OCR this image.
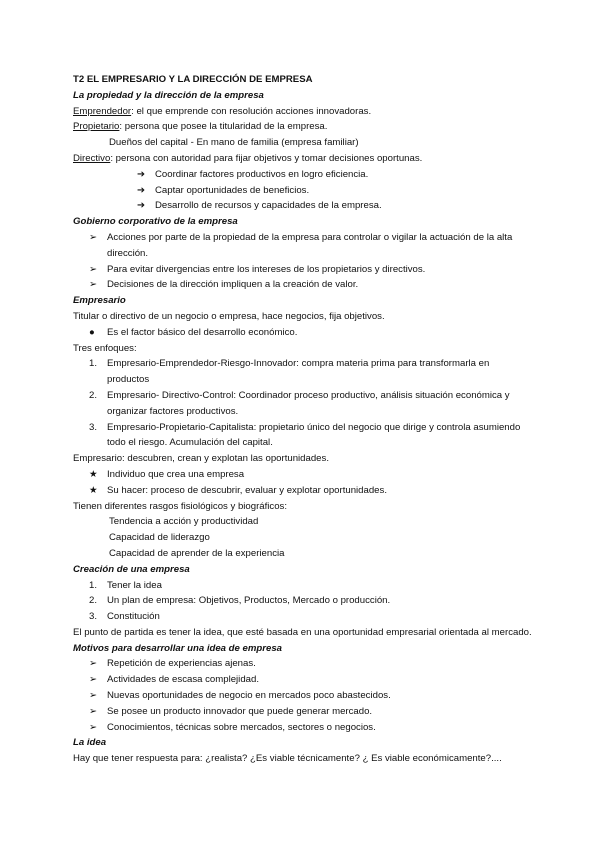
T2 EL EMPRESARIO Y LA DIRECCIÓN DE EMPRESA
La propiedad y la dirección de la empresa
Emprendedor: el que emprende con resolución acciones innovadoras.
Propietario: persona que posee la titularidad de la empresa.
Dueños del capital - En mano de familia (empresa familiar)
Directivo: persona con autoridad para fijar objetivos y tomar decisiones oportunas.
➔	Coordinar factores productivos en logro eficiencia.
➔	Captar oportunidades de beneficios.
➔	Desarrollo de recursos y capacidades de la empresa.
Gobierno corporativo de la empresa
➢	Acciones por parte de la propiedad de la empresa para controlar o vigilar la actuación de la alta dirección.
➢	Para evitar divergencias entre los intereses de los propietarios y directivos.
➢	Decisiones de la dirección impliquen a la creación de valor.
Empresario
Titular o directivo de un negocio o empresa, hace negocios, fija objetivos.
●	Es el factor básico del desarrollo económico.
Tres enfoques:
1.	Empresario-Emprendedor-Riesgo-Innovador: compra materia prima para transformarla en productos
2.	Empresario- Directivo-Control: Coordinador proceso productivo, análisis situación económica y organizar factores productivos.
3.	Empresario-Propietario-Capitalista: propietario único del negocio que dirige y controla asumiendo todo el riesgo. Acumulación del capital.
Empresario: descubren, crean y explotan las oportunidades.
★ Individuo que crea una empresa
★ Su hacer: proceso de descubrir, evaluar y explotar oportunidades.
Tienen diferentes rasgos fisiológicos y biográficos:
Tendencia a acción y productividad
Capacidad de liderazgo
Capacidad de aprender de la experiencia
Creación de una empresa
1.	Tener la idea
2.	Un plan de empresa: Objetivos, Productos, Mercado o producción.
3.	Constitución
El punto de partida es tener la idea, que esté basada en una oportunidad empresarial orientada al mercado.
Motivos para desarrollar una idea de empresa
➢	Repetición de experiencias ajenas.
➢	Actividades de escasa complejidad.
➢	Nuevas oportunidades de negocio en mercados poco abastecidos.
➢	Se posee un producto innovador que puede generar mercado.
➢	Conocimientos, técnicas sobre mercados, sectores o negocios.
La idea
Hay que tener respuesta para: ¿realista? ¿Es viable técnicamente? ¿ Es viable económicamente?....
